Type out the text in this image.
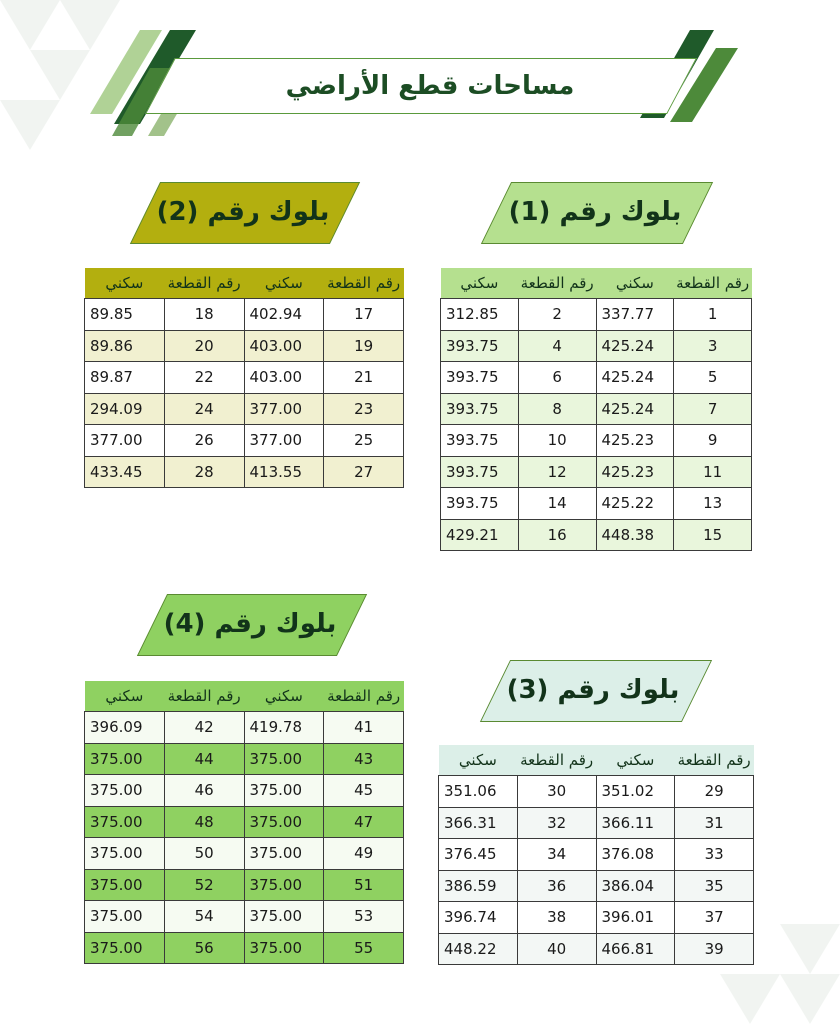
مساحات قطع الأراضي
بلوك رقم (1)
بلوك رقم (2)
بلوك رقم (3)
بلوك رقم (4)
رقم القطعة	سكني	رقم القطعة	سكني
1	337.77	2	312.85
3	425.24	4	393.75
5	425.24	6	393.75
7	425.24	8	393.75
9	425.23	10	393.75
11	425.23	12	393.75
13	425.22	14	393.75
15	448.38	16	429.21
رقم القطعة	سكني	رقم القطعة	سكني
17	402.94	18	89.85
19	403.00	20	89.86
21	403.00	22	89.87
23	377.00	24	294.09
25	377.00	26	377.00
27	413.55	28	433.45
رقم القطعة	سكني	رقم القطعة	سكني
29	351.02	30	351.06
31	366.11	32	366.31
33	376.08	34	376.45
35	386.04	36	386.59
37	396.01	38	396.74
39	466.81	40	448.22
رقم القطعة	سكني	رقم القطعة	سكني
41	419.78	42	396.09
43	375.00	44	375.00
45	375.00	46	375.00
47	375.00	48	375.00
49	375.00	50	375.00
51	375.00	52	375.00
53	375.00	54	375.00
55	375.00	56	375.00
